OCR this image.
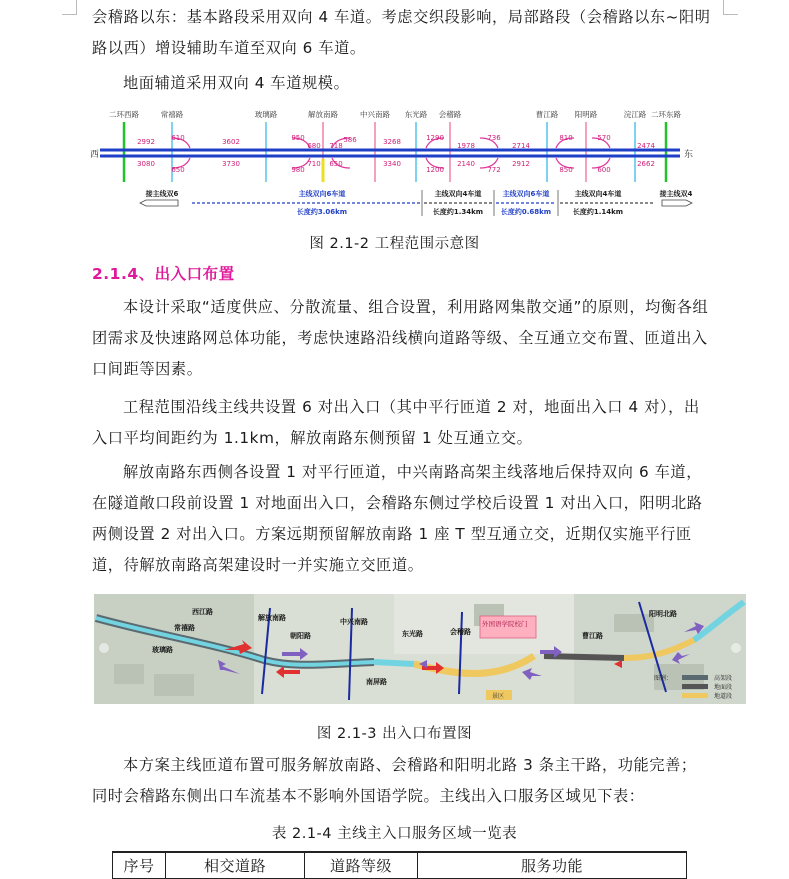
会稽路以东：基本路段采用双向 4 车道。考虑交织段影响，局部路段（会稽路以东~阳明路以西）增设辅助车道至双向 6 车道。
地面辅道采用双向 4 车道规模。
二环西路	常禧路	玻璃路	解放南路	中兴南路 东光路 会稽路	曹江路 阳明路	浣江路 二环东路
西	东
2992 610	3602	950
680 718
586	3268	1290
1978
736
2714
810	570
2474
3080
650
3730
980
710 650	3340
1200
2140
772
2912
850	600
2662
接主线双6	主线双向6车道
长度约3.06km
主线双向4车道
长度约1.34km
主线双向6车道
长度约0.68km
主线双向4车道
长度约1.14km
接主线双4
图 2.1-2 工程范围示意图
2.1.4、出入口布置
本设计采取“适度供应、分散流量、组合设置，利用路网集散交通”的原则，均衡各组团需求及快速路网总体功能，考虑快速路沿线横向道路等级、全互通立交布置、匝道出入口间距等因素。
工程范围沿线主线共设置 6 对出入口（其中平行匝道 2 对，地面出入口 4 对），出入口平均间距约为 1.1km，解放南路东侧预留 1 处互通立交。
解放南路东西侧各设置 1 对平行匝道，中兴南路高架主线落地后保持双向 6 车道，在隧道敞口段前设置 1 对地面出入口，会稽路东侧过学校后设置 1 对出入口，阳明北路两侧设置 2 对出入口。方案远期预留解放南路 1 座 T 型互通立交，近期仅实施平行匝道，待解放南路高架建设时一并实施立交匝道。
西江路
常禧路
玻璃路
解放南路
朝阳路
中兴南路
南屏路
东光路	会稽路	曹江路
阳明北路
外国语学院校门
景区
图例：	高架段
地面段
地道段
图 2.1-3 出入口布置图
本方案主线匝道布置可服务解放南路、会稽路和阳明北路 3 条主干路，功能完善；同时会稽路东侧出口车流基本不影响外国语学院。主线出入口服务区域见下表：
表 2.1-4 主线主入口服务区域一览表
序号	相交道路	道路等级	服务功能
